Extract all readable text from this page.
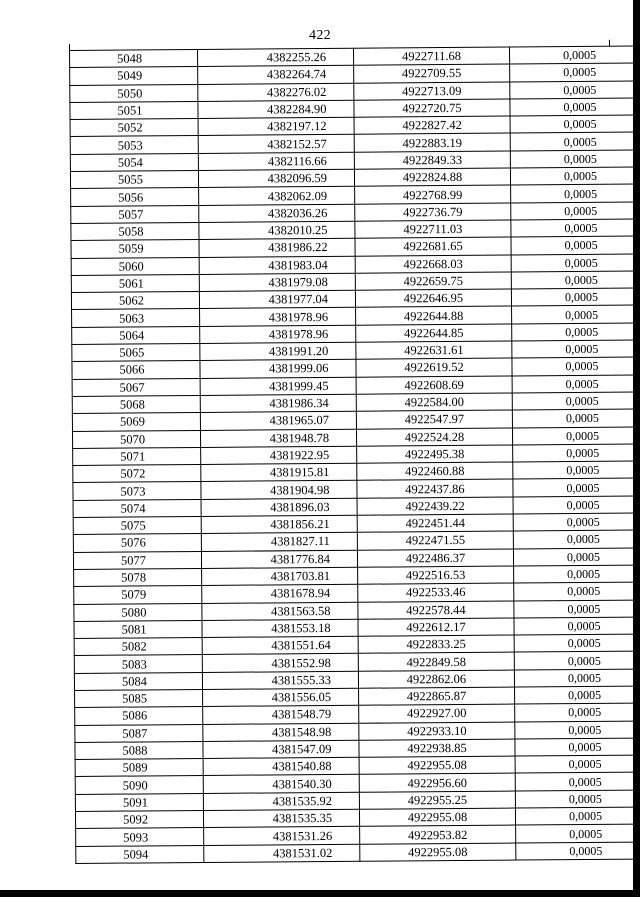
422
5048	4382255.26	4922711.68	0,0005
5049	4382264.74	4922709.55	0,0005
5050	4382276.02	4922713.09	0,0005
5051	4382284.90	4922720.75	0,0005
5052	4382197.12	4922827.42	0,0005
5053	4382152.57	4922883.19	0,0005
5054	4382116.66	4922849.33	0,0005
5055	4382096.59	4922824.88	0,0005
5056	4382062.09	4922768.99	0,0005
5057	4382036.26	4922736.79	0,0005
5058	4382010.25	4922711.03	0,0005
5059	4381986.22	4922681.65	0,0005
5060	4381983.04	4922668.03	0,0005
5061	4381979.08	4922659.75	0,0005
5062	4381977.04	4922646.95	0,0005
5063	4381978.96	4922644.88	0,0005
5064	4381978.96	4922644.85	0,0005
5065	4381991.20	4922631.61	0,0005
5066	4381999.06	4922619.52	0,0005
5067	4381999.45	4922608.69	0,0005
5068	4381986.34	4922584.00	0,0005
5069	4381965.07	4922547.97	0,0005
5070	4381948.78	4922524.28	0,0005
5071	4381922.95	4922495.38	0,0005
5072	4381915.81	4922460.88	0,0005
5073	4381904.98	4922437.86	0,0005
5074	4381896.03	4922439.22	0,0005
5075	4381856.21	4922451.44	0,0005
5076	4381827.11	4922471.55	0,0005
5077	4381776.84	4922486.37	0,0005
5078	4381703.81	4922516.53	0,0005
5079	4381678.94	4922533.46	0,0005
5080	4381563.58	4922578.44	0,0005
5081	4381553.18	4922612.17	0,0005
5082	4381551.64	4922833.25	0,0005
5083	4381552.98	4922849.58	0,0005
5084	4381555.33	4922862.06	0,0005
5085	4381556.05	4922865.87	0,0005
5086	4381548.79	4922927.00	0,0005
5087	4381548.98	4922933.10	0,0005
5088	4381547.09	4922938.85	0,0005
5089	4381540.88	4922955.08	0,0005
5090	4381540.30	4922956.60	0,0005
5091	4381535.92	4922955.25	0,0005
5092	4381535.35	4922955.08	0,0005
5093	4381531.26	4922953.82	0,0005
5094	4381531.02	4922955.08	0,0005
